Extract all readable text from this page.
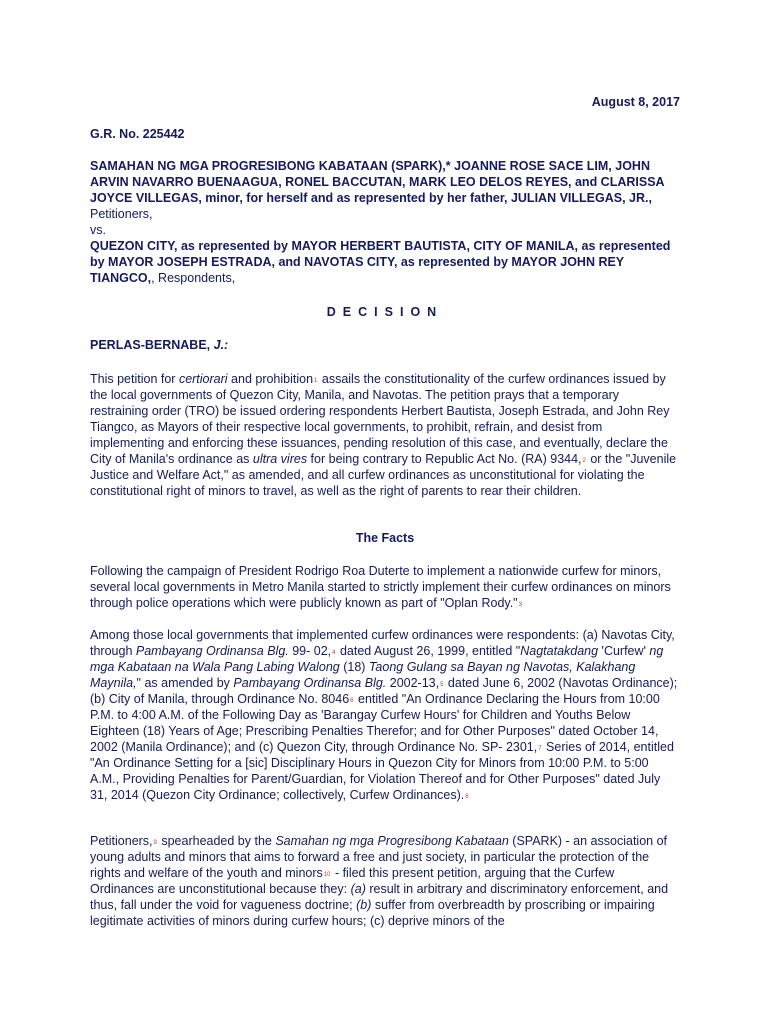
August 8, 2017
G.R. No. 225442

SAMAHAN NG MGA PROGRESIBONG KABATAAN (SPARK),* JOANNE ROSE SACE LIM, JOHN ARVIN NAVARRO BUENAAGUA, RONEL BACCUTAN, MARK LEO DELOS REYES, and CLARISSA JOYCE VILLEGAS, minor, for herself and as represented by her father, JULIAN VILLEGAS, JR., Petitioners,

vs.

QUEZON CITY, as represented by MAYOR HERBERT BAUTISTA, CITY OF MANILA, as represented by MAYOR JOSEPH ESTRADA, and NAVOTAS CITY, as represented by MAYOR JOHN REY TIANGCO,, Respondents,

DECISION

PERLAS-BERNABE, J.:

This petition for certiorari and prohibition$^1$ assails the constitutionality of the curfew ordinances issued by the local governments of Quezon City, Manila, and Navotas. The petition prays that a temporary restraining order (TRO) be issued ordering respondents Herbert Bautista, Joseph Estrada, and John Rey Tiangco, as Mayors of their respective local governments, to prohibit, refrain, and desist from implementing and enforcing these issuances, pending resolution of this case, and eventually, declare the City of Manila's ordinance as ultra vires for being contrary to Republic Act No. (RA) 9344,$^2$ or the "Juvenile Justice and Welfare Act," as amended, and all curfew ordinances as unconstitutional for violating the constitutional right of minors to travel, as well as the right of parents to rear their children.

The Facts

Following the campaign of President Rodrigo Roa Duterte to implement a nationwide curfew for minors, several local governments in Metro Manila started to strictly implement their curfew ordinances on minors through police operations which were publicly known as part of "Oplan Rody."$^3$

Among those local governments that implemented curfew ordinances were respondents: (a) Navotas City, through Pambayang Ordinansa Blg. 99- 02,$^4$ dated August 26, 1999, entitled "Nagtatakdang 'Curfew' ng mga Kabataan na Wala Pang Labing Walong (18) Taong Gulang sa Bayan ng Navotas, Kalakhang Maynila," as amended by Pambayang Ordinansa Blg. 2002-13,$^5$ dated June 6, 2002 (Navotas Ordinance); (b) City of Manila, through Ordinance No. 8046$^6$ entitled "An Ordinance Declaring the Hours from 10:00 P.M. to 4:00 A.M. of the Following Day as 'Barangay Curfew Hours' for Children and Youths Below Eighteen (18) Years of Age; Prescribing Penalties Therefor; and for Other Purposes" dated October 14, 2002 (Manila Ordinance); and (c) Quezon City, through Ordinance No. SP- 2301,$^7$ Series of 2014, entitled "An Ordinance Setting for a [sic] Disciplinary Hours in Quezon City for Minors from 10:00 P.M. to 5:00 A.M., Providing Penalties for Parent/Guardian, for Violation Thereof and for Other Purposes" dated July 31, 2014 (Quezon City Ordinance; collectively, Curfew Ordinances).$^8$

Petitioners,$^9$ spearheaded by the Samahan ng mga Progresibong Kabataan (SPARK) - an association of young adults and minors that aims to forward a free and just society, in particular the protection of the rights and welfare of the youth and minors$^{10}$ - filed this present petition, arguing that the Curfew Ordinances are unconstitutional because they: (a) result in arbitrary and discriminatory enforcement, and thus, fall under the void for vagueness doctrine; (b) suffer from overbreadth by proscribing or impairing legitimate activities of minors during curfew hours; (c) deprive minors of the
